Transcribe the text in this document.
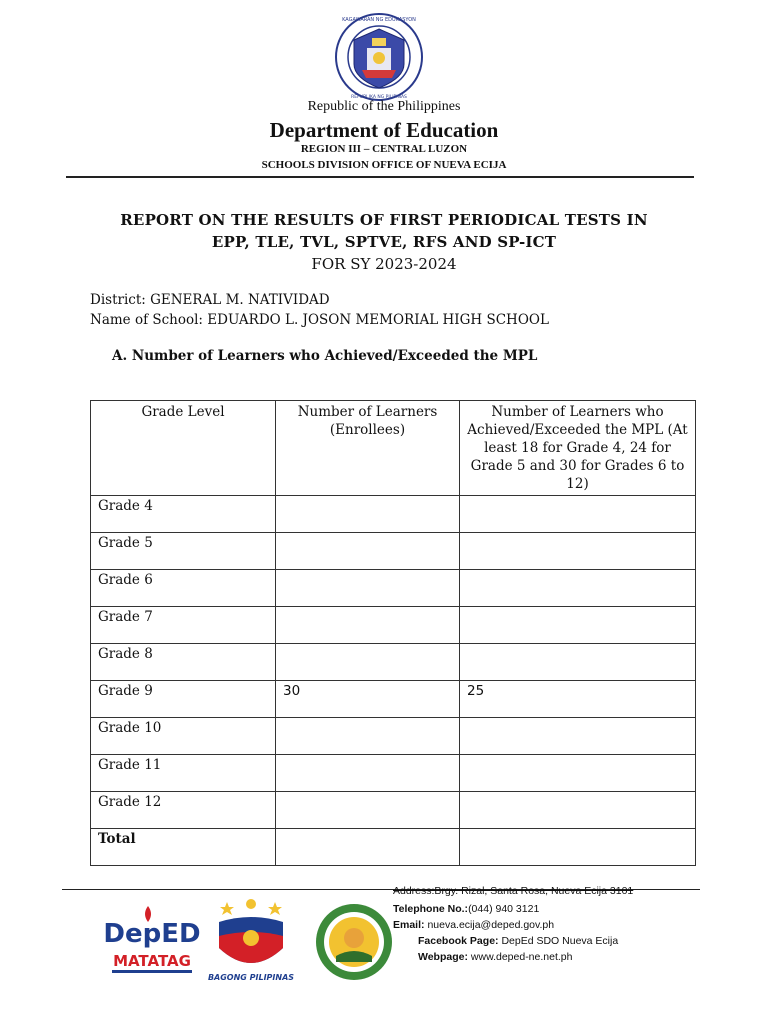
KAGAWARAN NG EDUKASYON
REPUBLIKA NG PILIPINAS
Republic of the Philippines
Department of Education
REGION III – CENTRAL LUZON
SCHOOLS DIVISION OFFICE OF NUEVA ECIJA
REPORT ON THE RESULTS OF FIRST PERIODICAL TESTS IN
EPP, TLE, TVL, SPTVE, RFS AND SP-ICT
FOR SY 2023-2024
District: GENERAL M. NATIVIDAD
Name of School: EDUARDO L. JOSON MEMORIAL HIGH SCHOOL
A. Number of Learners who Achieved/Exceeded the MPL
Grade Level	Number of Learners (Enrollees)	Number of Learners who Achieved/Exceeded the MPL (At least 18 for Grade 4, 24 for Grade 5 and 30 for Grades 6 to 12)
Grade 4		
Grade 5		
Grade 6		
Grade 7		
Grade 8		
Grade 9	30	25
Grade 10		
Grade 11		
Grade 12		
Total		
DepED
MATATAG
BAGONG PILIPINAS
Address:Brgy. Rizal, Santa Rosa, Nueva Ecija 3101
Telephone No.:(044) 940 3121
Email: nueva.ecija@deped.gov.ph
Facebook Page: DepEd SDO Nueva Ecija
Webpage: www.deped-ne.net.ph
